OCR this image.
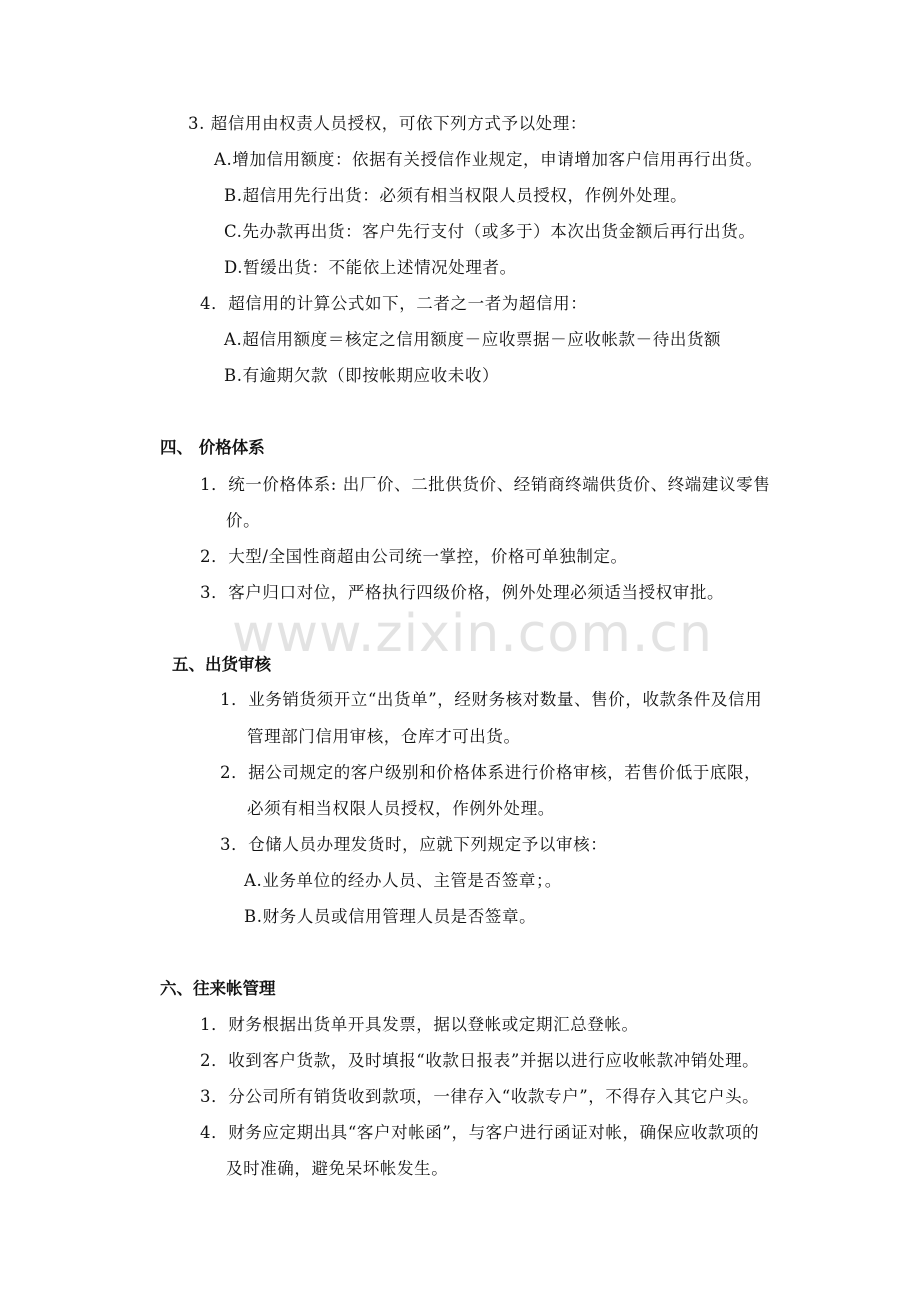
www.zixin.com.cn
3. 超信用由权责人员授权，可依下列方式予以处理：
A.增加信用额度：依据有关授信作业规定，申请增加客户信用再行出货。
B.超信用先行出货：必须有相当权限人员授权，作例外处理。
C.先办款再出货：客户先行支付（或多于）本次出货金额后再行出货。
D.暂缓出货：不能依上述情况处理者。
4．超信用的计算公式如下，二者之一者为超信用：
A.超信用额度＝核定之信用额度－应收票据－应收帐款－待出货额
B.有逾期欠款（即按帐期应收未收）
四、 价格体系
1．统一价格体系: 出厂价、二批供货价、经销商终端供货价、终端建议零售
价。
2．大型/全国性商超由公司统一掌控，价格可单独制定。
3．客户归口对位，严格执行四级价格，例外处理必须适当授权审批。
五、出货审核
1．业务销货须开立“出货单”，经财务核对数量、售价，收款条件及信用
管理部门信用审核，仓库才可出货。
2．据公司规定的客户级别和价格体系进行价格审核，若售价低于底限，
必须有相当权限人员授权，作例外处理。
3．仓储人员办理发货时，应就下列规定予以审核：
A.业务单位的经办人员、主管是否签章；。
B.财务人员或信用管理人员是否签章。
六、往来帐管理
1．财务根据出货单开具发票，据以登帐或定期汇总登帐。
2．收到客户货款，及时填报“收款日报表”并据以进行应收帐款冲销处理。
3．分公司所有销货收到款项，一律存入“收款专户”，不得存入其它户头。
4．财务应定期出具“客户对帐函”，与客户进行函证对帐，确保应收款项的
及时准确，避免呆坏帐发生。
